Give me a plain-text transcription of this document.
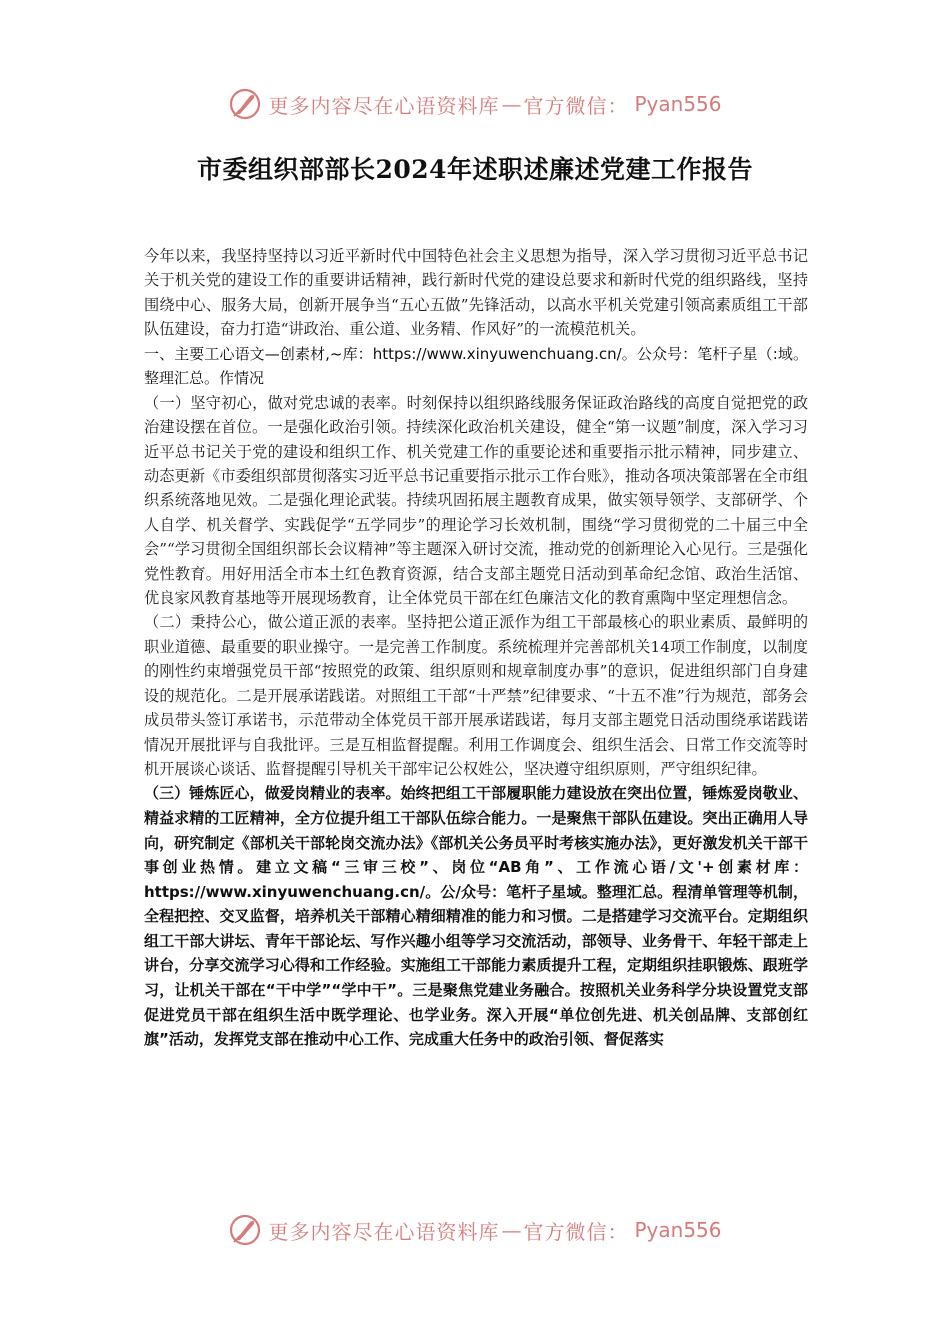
更多内容尽在心语资料库 — 官方微信： Pyan556
市委组织部部长2024年述职述廉述党建工作报告

今年以来，我坚持坚持以习近平新时代中国特色社会主义思想为指导，深入学习贯彻习近平总书记关于机关党的建设工作的重要讲话精神，践行新时代党的建设总要求和新时代党的组织路线，坚持围绕中心、服务大局，创新开展争当“五心五做”先锋活动，以高水平机关党建引领高素质组工干部队伍建设，奋力打造“讲政治、重公道、业务精、作风好”的一流模范机关。

一、主要工心语文—创素材,~库：https://www.xinyuwenchuang.cn/。公众号：笔杆子星（:域。整理汇总。作情况

（一）坚守初心，做对党忠诚的表率。时刻保持以组织路线服务保证政治路线的高度自觉把党的政治建设摆在首位。一是强化政治引领。持续深化政治机关建设，健全“第一议题”制度，深入学习习近平总书记关于党的建设和组织工作、机关党建工作的重要论述和重要指示批示精神，同步建立、动态更新《市委组织部贯彻落实习近平总书记重要指示批示工作台账》，推动各项决策部署在全市组织系统落地见效。二是强化理论武装。持续巩固拓展主题教育成果，做实领导领学、支部研学、个人自学、机关督学、实践促学“五学同步”的理论学习长效机制，围绕“学习贯彻党的二十届三中全会”“学习贯彻全国组织部长会议精神”等主题深入研讨交流，推动党的创新理论入心见行。三是强化党性教育。用好用活全市本土红色教育资源，结合支部主题党日活动到革命纪念馆、政治生活馆、优良家风教育基地等开展现场教育，让全体党员干部在红色廉洁文化的教育熏陶中坚定理想信念。

（二）秉持公心，做公道正派的表率。坚持把公道正派作为组工干部最核心的职业素质、最鲜明的职业道德、最重要的职业操守。一是完善工作制度。系统梳理并完善部机关14项工作制度，以制度的刚性约束增强党员干部“按照党的政策、组织原则和规章制度办事”的意识，促进组织部门自身建设的规范化。二是开展承诺践诺。对照组工干部“十严禁”纪律要求、“十五不准”行为规范，部务会成员带头签订承诺书，示范带动全体党员干部开展承诺践诺，每月支部主题党日活动围绕承诺践诺情况开展批评与自我批评。三是互相监督提醒。利用工作调度会、组织生活会、日常工作交流等时机开展谈心谈话、监督提醒引导机关干部牢记公权姓公，坚决遵守组织原则，严守组织纪律。

（三）锤炼匠心，做爱岗精业的表率。始终把组工干部履职能力建设放在突出位置，锤炼爱岗敬业、精益求精的工匠精神，全方位提升组工干部队伍综合能力。一是聚焦干部队伍建设。突出正确用人导向，研究制定《部机关干部轮岗交流办法》《部机关公务员平时考核实施办法》，更好激发机关干部干事创业热情。建立文稿“三审三校”、岗位“AB角”、工作流心语/文'+创素材库：https://www.xinyuwenchuang.cn/。公/众号：笔杆子星域。整理汇总。程清单管理等机制，全程把控、交叉监督，培养机关干部精心精细精准的能力和习惯。二是搭建学习交流平台。定期组织组工干部大讲坛、青年干部论坛、写作兴趣小组等学习交流活动，部领导、业务骨干、年轻干部走上讲台，分享交流学习心得和工作经验。实施组工干部能力素质提升工程，定期组织挂职锻炼、跟班学习，让机关干部在“干中学”“学中干”。三是聚焦党建业务融合。按照机关业务科学分块设置党支部促进党员干部在组织生活中既学理论、也学业务。深入开展“单位创先进、机关创品牌、支部创红旗”活动，发挥党支部在推动中心工作、完成重大任务中的政治引领、督促落实

更多内容尽在心语资料库 — 官方微信： Pyan556
